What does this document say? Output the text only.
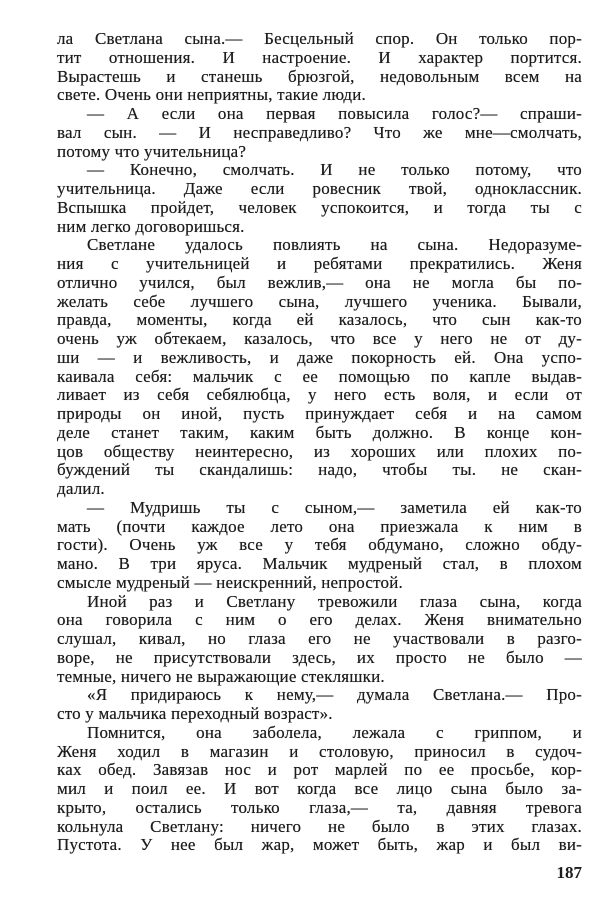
ла Светлана сына.— Бесцельный спор. Он только пор-
тит отношения. И настроение. И характер портится.
Вырастешь и станешь брюзгой, недовольным всем на
свете. Очень они неприятны, такие люди.
— А если она первая повысила голос?— спраши-
вал сын. — И несправедливо? Что же мне—смолчать,
потому что учительница?
— Конечно, смолчать. И не только потому, что
учительница. Даже если ровесник твой, одноклассник.
Вспышка пройдет, человек успокоится, и тогда ты с
ним легко договоришься.
Светлане удалось повлиять на сына. Недоразуме-
ния с учительницей и ребятами прекратились. Женя
отлично учился, был вежлив,— она не могла бы по-
желать себе лучшего сына, лучшего ученика. Бывали,
правда, моменты, когда ей казалось, что сын как-то
очень уж обтекаем, казалось, что все у него не от ду-
ши — и вежливость, и даже покорность ей. Она успо-
каивала себя: мальчик с ее помощью по капле выдав-
ливает из себя себялюбца, у него есть воля, и если от
природы он иной, пусть принуждает себя и на самом
деле станет таким, каким быть должно. В конце кон-
цов обществу неинтересно, из хороших или плохих по-
буждений ты скандалишь: надо, чтобы ты. не скан-
далил.
— Мудришь ты с сыном,— заметила ей как-то
мать (почти каждое лето она приезжала к ним в
гости). Очень уж все у тебя обдумано, сложно обду-
мано. В три яруса. Мальчик мудреный стал, в плохом
смысле мудреный — неискренний, непростой.
Иной раз и Светлану тревожили глаза сына, когда
она говорила с ним о его делах. Женя внимательно
слушал, кивал, но глаза его не участвовали в разго-
воре, не присутствовали здесь, их просто не было —
темные, ничего не выражающие стекляшки.
«Я придираюсь к нему,— думала Светлана.— Про-
сто у мальчика переходный возраст».
Помнится, она заболела, лежала с гриппом, и
Женя ходил в магазин и столовую, приносил в судоч-
ках обед. Завязав нос и рот марлей по ее просьбе, кор-
мил и поил ее. И вот когда все лицо сына было за-
крыто, остались только глаза,— та, давняя тревога
кольнула Светлану: ничего не было в этих глазах.
Пустота. У нее был жар, может быть, жар и был ви-
187
